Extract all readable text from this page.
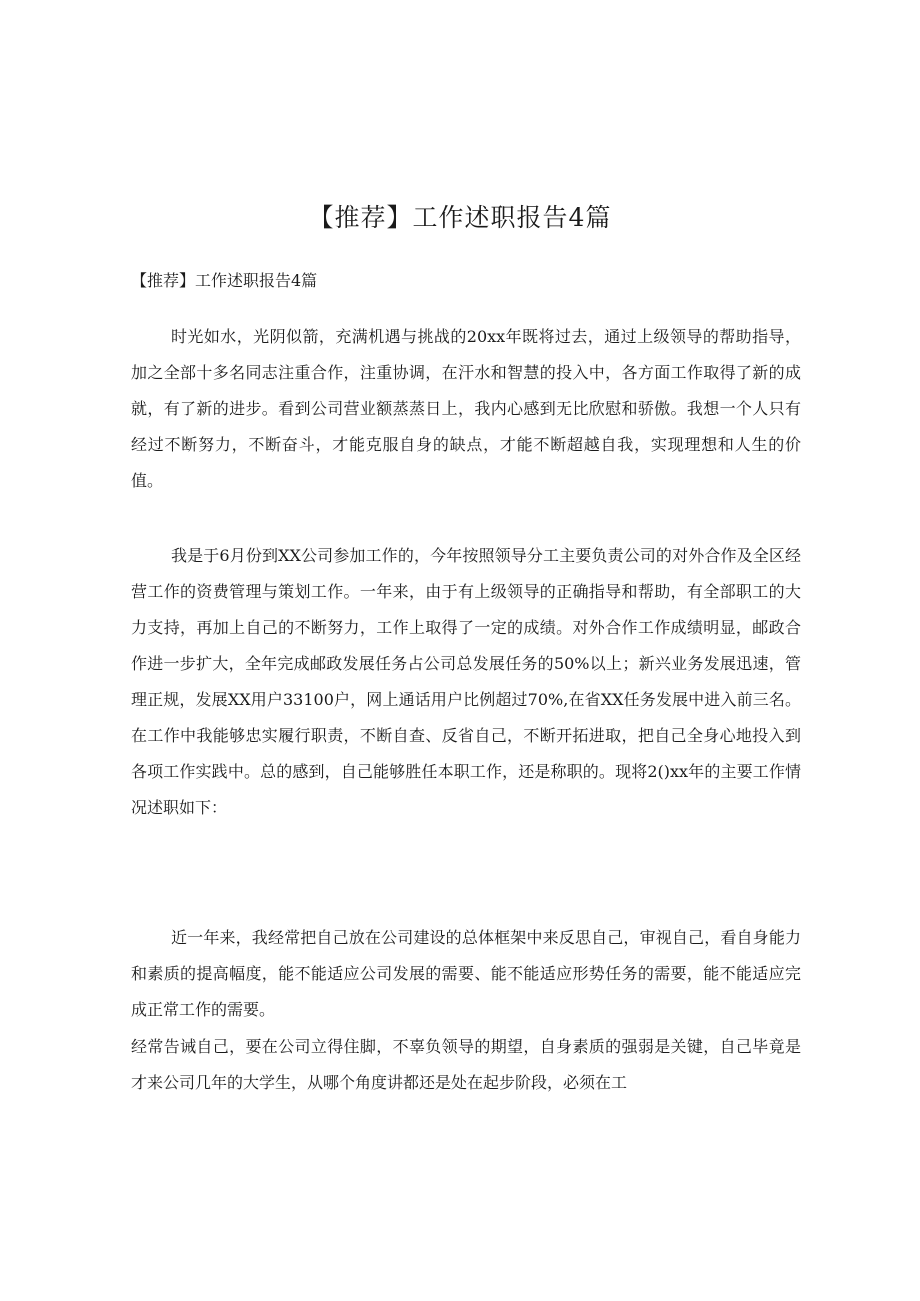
【推荐】工作述职报告4篇
【推荐】工作述职报告4篇

时光如水，光阴似箭，充满机遇与挑战的20xx年既将过去，通过上级领导的帮助指导，加之全部十多名同志注重合作，注重协调，在汗水和智慧的投入中，各方面工作取得了新的成就，有了新的进步。看到公司营业额蒸蒸日上，我内心感到无比欣慰和骄傲。我想一个人只有经过不断努力，不断奋斗，才能克服自身的缺点，才能不断超越自我，实现理想和人生的价值。

我是于6月份到XX公司参加工作的，今年按照领导分工主要负责公司的对外合作及全区经营工作的资费管理与策划工作。一年来，由于有上级领导的正确指导和帮助，有全部职工的大力支持，再加上自己的不断努力，工作上取得了一定的成绩。对外合作工作成绩明显，邮政合作进一步扩大，全年完成邮政发展任务占公司总发展任务的50%以上；新兴业务发展迅速，管理正规，发展XX用户33100户，网上通话用户比例超过70%,在省XX任务发展中进入前三名。在工作中我能够忠实履行职责，不断自查、反省自己，不断开拓进取，把自己全身心地投入到各项工作实践中。总的感到，自己能够胜任本职工作，还是称职的。现将2()xx年的主要工作情况述职如下：

近一年来，我经常把自己放在公司建设的总体框架中来反思自己，审视自己，看自身能力和素质的提高幅度，能不能适应公司发展的需要、能不能适应形势任务的需要，能不能适应完成正常工作的需要。

经常告诫自己，要在公司立得住脚，不辜负领导的期望，自身素质的强弱是关键，自己毕竟是才来公司几年的大学生，从哪个角度讲都还是处在起步阶段，必须在工
